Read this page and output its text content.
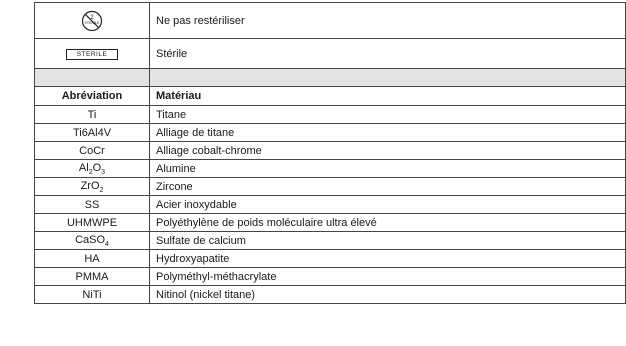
2
STERILE	Ne pas restériliser
STERILE	Stérile

Abréviation	Matériau
Ti	Titane
Ti6Al4V	Alliage de titane
CoCr	Alliage cobalt-chrome
$Al_2O_3$	Alumine
ZrO$_2$	Zircone
SS	Acier inoxydable
UHMWPE	Polyéthylène de poids moléculaire ultra élevé
CaSO$_4$	Sulfate de calcium
HA	Hydroxyapatite
PMMA	Polyméthyl-méthacrylate
NiTi	Nitinol (nickel titane)
